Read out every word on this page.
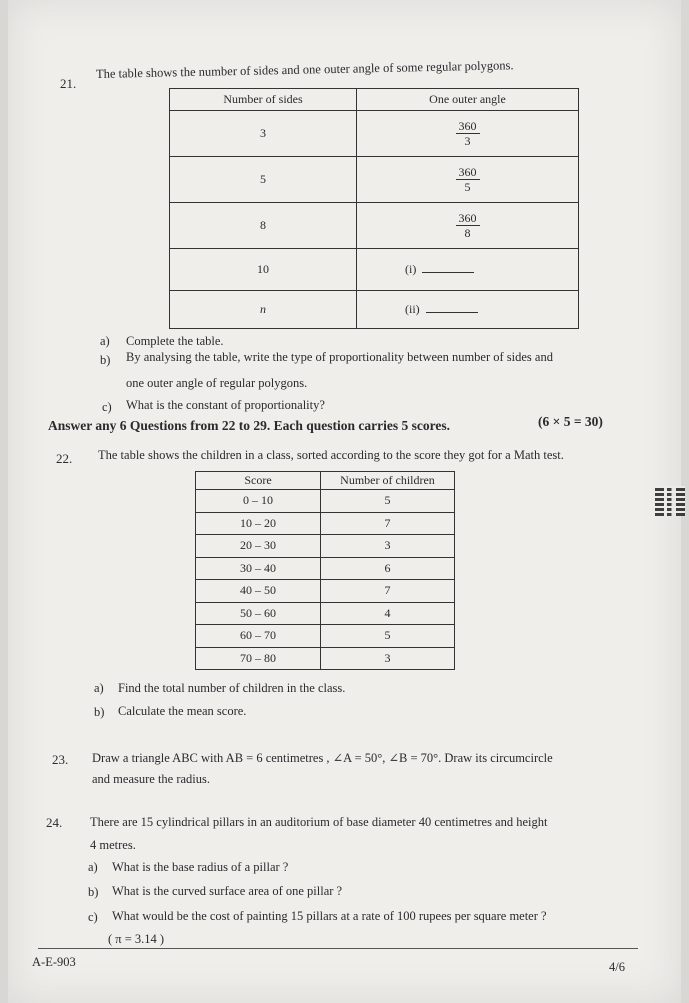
21.
The table shows the number of sides and one outer angle of some regular polygons.
Number of sides	One outer angle
3	$\frac{360}{3}$

5	$\frac{360}{5}$

8	$\frac{360}{8}$

10	(i)
n	(ii)
a) Complete the table.
b) By analysing the table, write the type of proportionality between number of sides and
one outer angle of regular polygons.
c) What is the constant of proportionality?
Answer any 6 Questions from 22 to 29. Each question carries 5 scores.	(6 × 5 = 30)
22. The table shows the children in a class, sorted according to the score they got for a Math test.
Score	Number of children
0 – 10	5
10 – 20	7
20 – 30	3
30 – 40	6
40 – 50	7
50 – 60	4
60 – 70	5
70 – 80	3
a) Find the total number of children in the class.
b) Calculate the mean score.
23. Draw a triangle ABC with AB = 6 centimetres , ∠A = 50°, ∠B = 70°. Draw its circumcircle
and measure the radius.
24. There are 15 cylindrical pillars in an auditorium of base diameter 40 centimetres and height
4 metres.
a) What is the base radius of a pillar ?
b) What is the curved surface area of one pillar ?
c) What would be the cost of painting 15 pillars at a rate of 100 rupees per square meter ?
( π = 3.14 )
A-E-903	4/6
